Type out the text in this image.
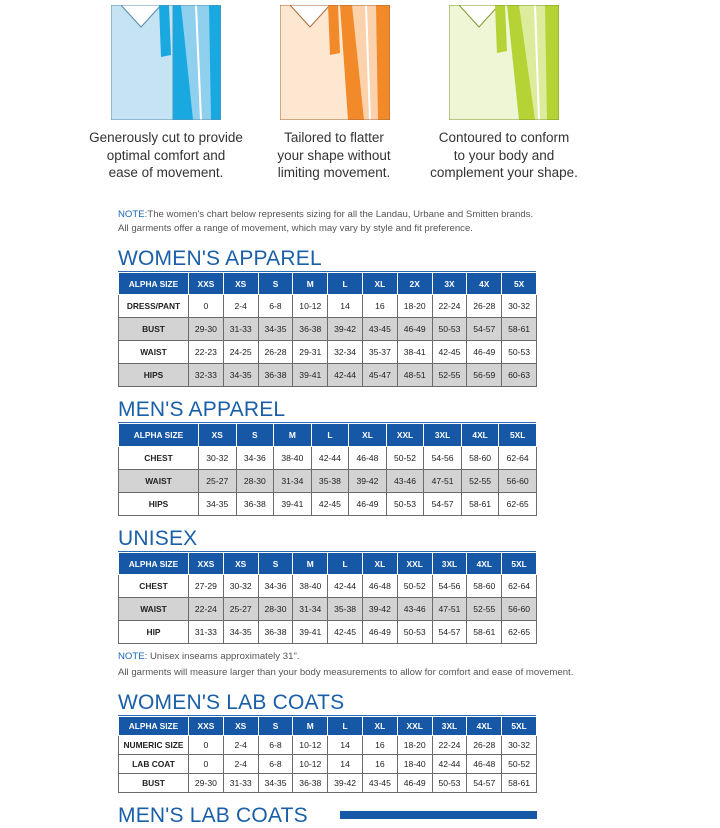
Generously cut to provide
optimal comfort and
ease of movement.
Tailored to flatter
your shape without
limiting movement.
Contoured to conform
to your body and
complement your shape.
NOTE:The women's chart below represents sizing for all the Landau, Urbane and Smitten brands.
All garments offer a range of movement, which may vary by style and fit preference.
WOMEN'S APPAREL
ALPHA SIZE	XXS	XS	S	M	L	XL	2X	3X	4X	5X
DRESS/PANT	0	2-4	6-8	10-12	14	16	18-20	22-24	26-28	30-32
BUST	29-30	31-33	34-35	36-38	39-42	43-45	46-49	50-53	54-57	58-61
WAIST	22-23	24-25	26-28	29-31	32-34	35-37	38-41	42-45	46-49	50-53
HIPS	32-33	34-35	36-38	39-41	42-44	45-47	48-51	52-55	56-59	60-63
MEN'S APPAREL
ALPHA SIZE	XS	S	M	L	XL	XXL	3XL	4XL	5XL
CHEST	30-32	34-36	38-40	42-44	46-48	50-52	54-56	58-60	62-64
WAIST	25-27	28-30	31-34	35-38	39-42	43-46	47-51	52-55	56-60
HIPS	34-35	36-38	39-41	42-45	46-49	50-53	54-57	58-61	62-65
UNISEX
ALPHA SIZE	XXS	XS	S	M	L	XL	XXL	3XL	4XL	5XL
CHEST	27-29	30-32	34-36	38-40	42-44	46-48	50-52	54-56	58-60	62-64
WAIST	22-24	25-27	28-30	31-34	35-38	39-42	43-46	47-51	52-55	56-60
HIP	31-33	34-35	36-38	39-41	42-45	46-49	50-53	54-57	58-61	62-65
NOTE: Unisex inseams approximately 31".
All garments will measure larger than your body measurements to allow for comfort and ease of movement.
WOMEN'S LAB COATS
ALPHA SIZE	XXS	XS	S	M	L	XL	XXL	3XL	4XL	5XL
NUMERIC SIZE	0	2-4	6-8	10-12	14	16	18-20	22-24	26-28	30-32
LAB COAT	0	2-4	6-8	10-12	14	16	18-40	42-44	46-48	50-52
BUST	29-30	31-33	34-35	36-38	39-42	43-45	46-49	50-53	54-57	58-61
MEN'S LAB COATS
